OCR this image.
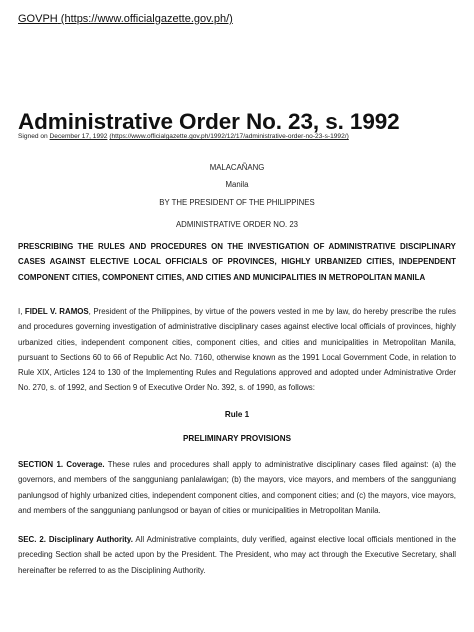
GOVPH (https://www.officialgazette.gov.ph/)
Administrative Order No. 23, s. 1992
Signed on December 17, 1992 (https://www.officialgazette.gov.ph/1992/12/17/administrative-order-no-23-s-1992/)
MALACAÑANG
Manila
BY THE PRESIDENT OF THE PHILIPPINES
ADMINISTRATIVE ORDER NO. 23
PRESCRIBING THE RULES AND PROCEDURES ON THE INVESTIGATION OF ADMINISTRATIVE DISCIPLINARY CASES AGAINST ELECTIVE LOCAL OFFICIALS OF PROVINCES, HIGHLY URBANIZED CITIES, INDEPENDENT COMPONENT CITIES, COMPONENT CITIES, AND CITIES AND MUNICIPALITIES IN METROPOLITAN MANILA
I, FIDEL V. RAMOS, President of the Philippines, by virtue of the powers vested in me by law, do hereby prescribe the rules and procedures governing investigation of administrative disciplinary cases against elective local officials of provinces, highly urbanized cities, independent component cities, component cities, and cities and municipalities in Metropolitan Manila, pursuant to Sections 60 to 66 of Republic Act No. 7160, otherwise known as the 1991 Local Government Code, in relation to Rule XIX, Articles 124 to 130 of the Implementing Rules and Regulations approved and adopted under Administrative Order No. 270, s. of 1992, and Section 9 of Executive Order No. 392, s. of 1990, as follows:
Rule 1
PRELIMINARY PROVISIONS
SECTION 1. Coverage. These rules and procedures shall apply to administrative disciplinary cases filed against: (a) the governors, and members of the sangguniang panlalawigan; (b) the mayors, vice mayors, and members of the sangguniang panlungsod of highly urbanized cities, independent component cities, and component cities; and (c) the mayors, vice mayors, and members of the sangguniang panlungsod or bayan of cities or municipalities in Metropolitan Manila.
SEC. 2. Disciplinary Authority. All Administrative complaints, duly verified, against elective local officials mentioned in the preceding Section shall be acted upon by the President. The President, who may act through the Executive Secretary, shall hereinafter be referred to as the Disciplining Authority.
